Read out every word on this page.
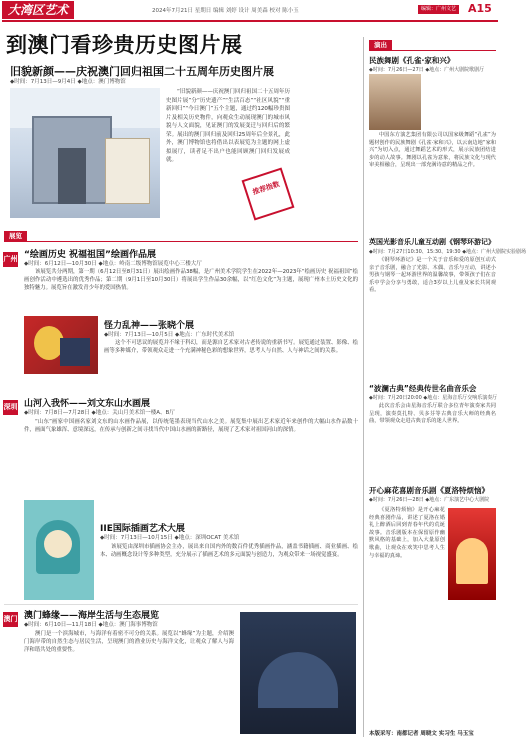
大湾区艺术	2024年7月21日 星期日 编辑 刘婷 设计 周美森 校对 陈小玉	编辑：广州文艺 A15
到澳门看珍贵历史图片展
旧貌新颜——庆祝澳门回归祖国二十五周年历史图片展
◆时间：7月13日—9月4日 ◆地点：澳门博物馆
“旧貌新颜——庆祝澳门回归祖国二十五周年历史图片展”分“历史遗产”“生活百态”“社区风貌”“重新回归”“今日澳门”五个主题，通过约120幅珍贵图片及相关历史物件，向观众生动展现澳门的城市风貌与人文面貌，见证澳门的发展变迁与回归后的繁荣。展出的澳门回归前及回归25周年后全景礼，此外，澳门博物馆也将借出以表展览为主题的网上虚拟展厅，读者足不出户也能回顾澳门回归发展成就。
推荐指数
展览
广州 “绘画历史 祝福祖国”绘画作品展
◆时间：6月12日—10月30日 ◆地点：岭南二级博物馆展览中心三楼大厅
该展览共分两期，第一期（6月12日至8月31日）展出绘画作品38幅，是广州美术学院学生在2022年—2023年“绘画历史 祝福祖国”绘画创作活动中遴选出的优秀作品；第二期（9月1日至10月30日）将展出学生作品30余幅，以“红色文化”为主题，展现广州本土历史文化的独特魅力。展览旨在激发青少年的爱国热情。
怪力乱神——张晓个展
◆时间：7月13日—10月5日 ◆地点：广东时代美术馆
这个不可思议的展览并不缘于科幻，而是源自艺术家对古老传说的重新书写。展览通过装置、影像、绘画等多种媒介，带领观众走进一个充满神秘色彩的想象世界，思考人与自然、人与神话之间的关系。
深圳 山河入我怀——刘文东山水画展
◆时间：7月8日—7月28日 ◆地点：关山月美术馆一楼A、B厅
“山东”画家中国画名家刘文东的山水画作品展，以传统笔墨表现当代山水之美。展览集中展出艺术家近年来创作的大幅山水作品数十件，画面气象雄浑、意境深远，在传承与创新之间寻找当代中国山水画的新路径，展现了艺术家对祖国河山的深情。
IIE国际插画艺术大展
◆时间：7月13日—10月15日 ◆地点：深圳OCAT 美术馆
该展览由深圳市插画协会主办，展出来自国内外的数百件优秀插画作品，涵盖书籍插画、商业插画、绘本、动画概念设计等多种类型，充分展示了插画艺术的多元面貌与创造力，为观众带来一场视觉盛宴。
澳门 澳门蜂缘——海岸生活与生态展览
◆时间：6月10日—11月18日 ◆地点：澳门海事博物馆
澳门是一个滨海城市，与海洋有着密不可分的关系。展览以“蜂缘”为主题，介绍澳门海岸带的自然生态与居民生活，呈现澳门的渔业历史与海洋文化，让观众了解人与海洋和谐共处的重要性。
演出
民族舞剧《孔雀·家和兴》
◆时间：7月26日—27日 ◆地点：广州大剧院歌剧厅
中国东方演艺集团有限公司以国家级舞蹈“孔雀”为题材创作的民族舞剧《孔雀·家和兴》，以云南边地“家和兴”为切入点，通过舞蹈艺术的形式，展示民族团结进步的动人故事。舞剧以孔雀为意象，将民族文化与现代审美相融合，呈现出一部充满诗意的精品之作。
英国光影音乐儿童互动剧《钢琴环游记》
◆时间：7月27日10:30、15:30、19:30 ◆地点：广州大剧院实验剧场
《钢琴环游记》是一个关于音乐和爱的原创互动式亲子音乐剧，融合了光影、木偶、音乐与互动，讲述小男孩与钢琴一起环游世界的温馨故事，带领孩子们在音乐中学会分享与勇敢，适合3岁以上儿童及家长共同观看。
“波澜古典”经典传世名曲音乐会
◆时间：7月20日20:00 ◆地点：星海音乐厅交响乐演奏厅
此次音乐会由星海音乐厅联合多位青年演奏家共同呈现，演奏莫扎特、贝多芬等古典音乐大师的经典名曲，带领观众走进古典音乐的迷人世界。
开心麻花喜剧音乐剧《夏洛特烦恼》
◆时间：7月26日—28日 ◆地点：广东演艺中心大剧院
《夏洛特烦恼》是开心麻花经典喜剧作品，讲述了夏洛在婚礼上醉酒后回到青春年代的荒诞故事。音乐剧版本在保留原作幽默风格的基础上，加入大量原创歌曲，让观众在欢笑中思考人生与幸福的真谛。
本版采写：南都记者 周晓文 实习生 马玉宝
